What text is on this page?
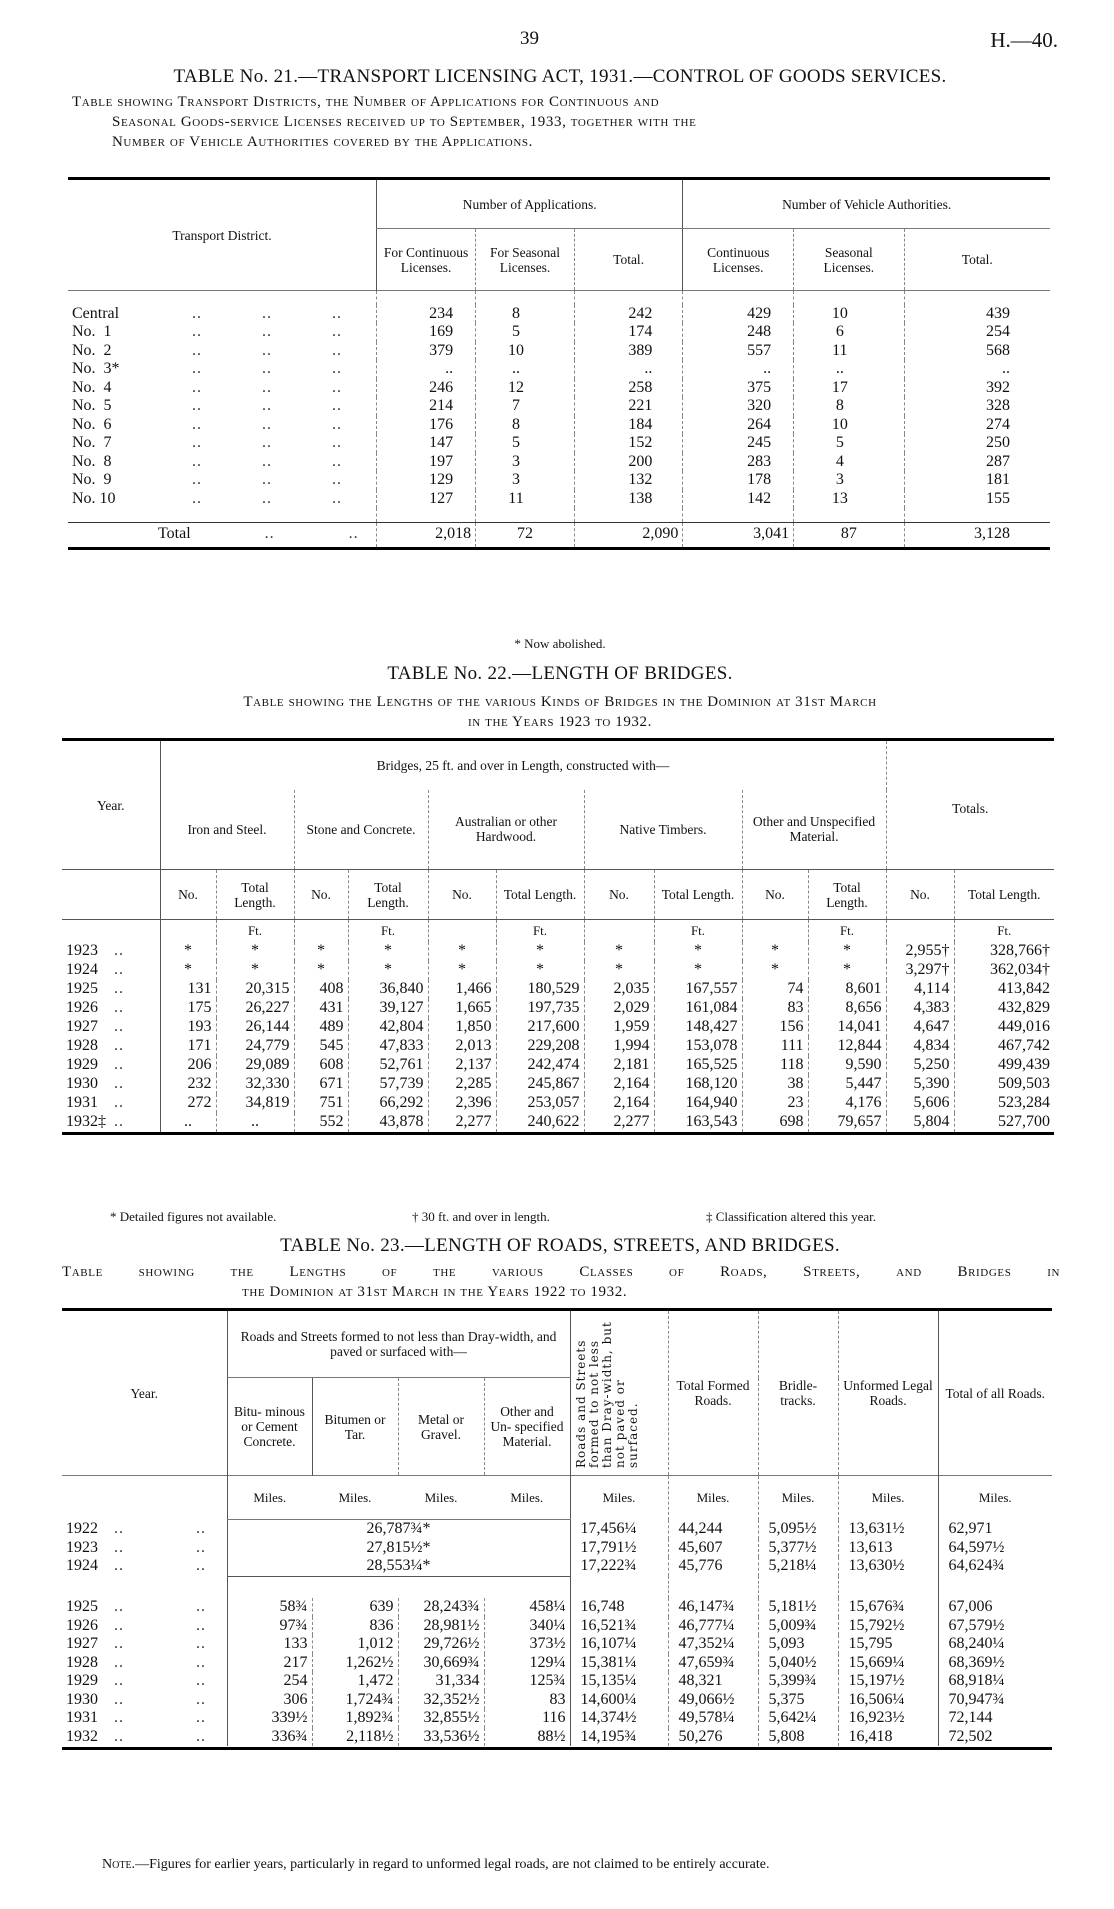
39	H.—40.
TABLE No. 21.—TRANSPORT LICENSING ACT, 1931.—CONTROL OF GOODS SERVICES.
Table showing Transport Districts, the Number of Applications for Continuous and
Seasonal Goods-service Licenses received up to September, 1933, together with the
Number of Vehicle Authorities covered by the Applications.
Transport District.	Number of Applications.			Number of Vehicle Authorities.		
	For Continuous Licenses.	For Seasonal Licenses.	Total.	Continuous Licenses.	Seasonal Licenses.	Total.

Central .. .. ..	234	8	242	429	10	439
No.  1 .. .. ..	169	5	174	248	6	254
No.  2 .. .. ..	379	10	389	557	11	568
No.  3* .. .. ..	..	..	..	..	..	..
No.  4 .. .. ..	246	12	258	375	17	392
No.  5 .. .. ..	214	7	221	320	8	328
No.  6 .. .. ..	176	8	184	264	10	274
No.  7 .. .. ..	147	5	152	245	5	250
No.  8 .. .. ..	197	3	200	283	4	287
No.  9 .. .. ..	129	3	132	178	3	181
No. 10 .. .. ..	127	11	138	142	13	155

Total .. ..	2,018	72	2,090	3,041	87	3,128
* Now abolished.
TABLE No. 22.—LENGTH OF BRIDGES.
Table showing the Lengths of the various Kinds of Bridges in the Dominion at 31st March
in the Years 1923 to 1932.
Year.	Bridges, 25 ft. and over in Length, constructed with—										Totals.	
	Iron and Steel.		Stone and Concrete.		Australian or other Hardwood.		Native Timbers.		Other and Unspecified Material.			
	No.	Total Length.	No.	Total Length.	No.	Total Length.	No.	Total Length.	No.	Total Length.	No.	Total Length.
		Ft.		Ft.		Ft.		Ft.		Ft.		Ft.
1923 ..	*	*	*	*	*	*	*	*	*	*	2,955†	328,766†
1924 ..	*	*	*	*	*	*	*	*	*	*	3,297†	362,034†
1925 ..	131	20,315	408	36,840	1,466	180,529	2,035	167,557	74	8,601	4,114	413,842
1926 ..	175	26,227	431	39,127	1,665	197,735	2,029	161,084	83	8,656	4,383	432,829
1927 ..	193	26,144	489	42,804	1,850	217,600	1,959	148,427	156	14,041	4,647	449,016
1928 ..	171	24,779	545	47,833	2,013	229,208	1,994	153,078	111	12,844	4,834	467,742
1929 ..	206	29,089	608	52,761	2,137	242,474	2,181	165,525	118	9,590	5,250	499,439
1930 ..	232	32,330	671	57,739	2,285	245,867	2,164	168,120	38	5,447	5,390	509,503
1931 ..	272	34,819	751	66,292	2,396	253,057	2,164	164,940	23	4,176	5,606	523,284
1932‡ ..	..	..	552	43,878	2,277	240,622	2,277	163,543	698	79,657	5,804	527,700

* Detailed figures not available.	† 30 ft. and over in length.	‡ Classification altered this year.
TABLE No. 23.—LENGTH OF ROADS, STREETS, AND BRIDGES.
Table showing the Lengths of the various Classes of Roads, Streets, and Bridges in
the Dominion at 31st March in the Years 1922 to 1932.
Year.	Roads and Streets formed to not less than Dray-width, and paved or surfaced with—				Roads and Streets formed to not less than Dray-width, but not paved or surfaced.	Total Formed Roads.	Bridle- tracks.	Unformed Legal Roads.	Total of all Roads.
	Bitu- minous or Cement Concrete.	Bitumen or Tar.	Metal or Gravel.	Other and Un- specified Material.					
	Miles.	Miles.	Miles.	Miles.	Miles.	Miles.	Miles.	Miles.	Miles.
1922 .. ..	26,787¾*				17,456¼	44,244	5,095½	13,631½	62,971
1923 .. ..	27,815½*				17,791½	45,607	5,377½	13,613	64,597½
1924 .. ..	28,553¼*				17,222¾	45,776	5,218¼	13,630½	64,624¾

1925 .. ..	58¾	639	28,243¾	458¼	16,748	46,147¾	5,181½	15,676¾	67,006
1926 .. ..	97¾	836	28,981½	340¼	16,521¾	46,777¼	5,009¾	15,792½	67,579½
1927 .. ..	133	1,012	29,726½	373½	16,107¼	47,352¼	5,093	15,795	68,240¼
1928 .. ..	217	1,262½	30,669¾	129¼	15,381¼	47,659¾	5,040½	15,669¼	68,369½
1929 .. ..	254	1,472	31,334	125¾	15,135¼	48,321	5,399¾	15,197½	68,918¼
1930 .. ..	306	1,724¾	32,352½	83	14,600¼	49,066½	5,375	16,506¼	70,947¾
1931 .. ..	339½	1,892¾	32,855½	116	14,374½	49,578¼	5,642¼	16,923½	72,144
1932 .. ..	336¾	2,118½	33,536½	88½	14,195¾	50,276	5,808	16,418	72,502

Note.—Figures for earlier years, particularly in regard to unformed legal roads, are not claimed to be entirely accurate.
